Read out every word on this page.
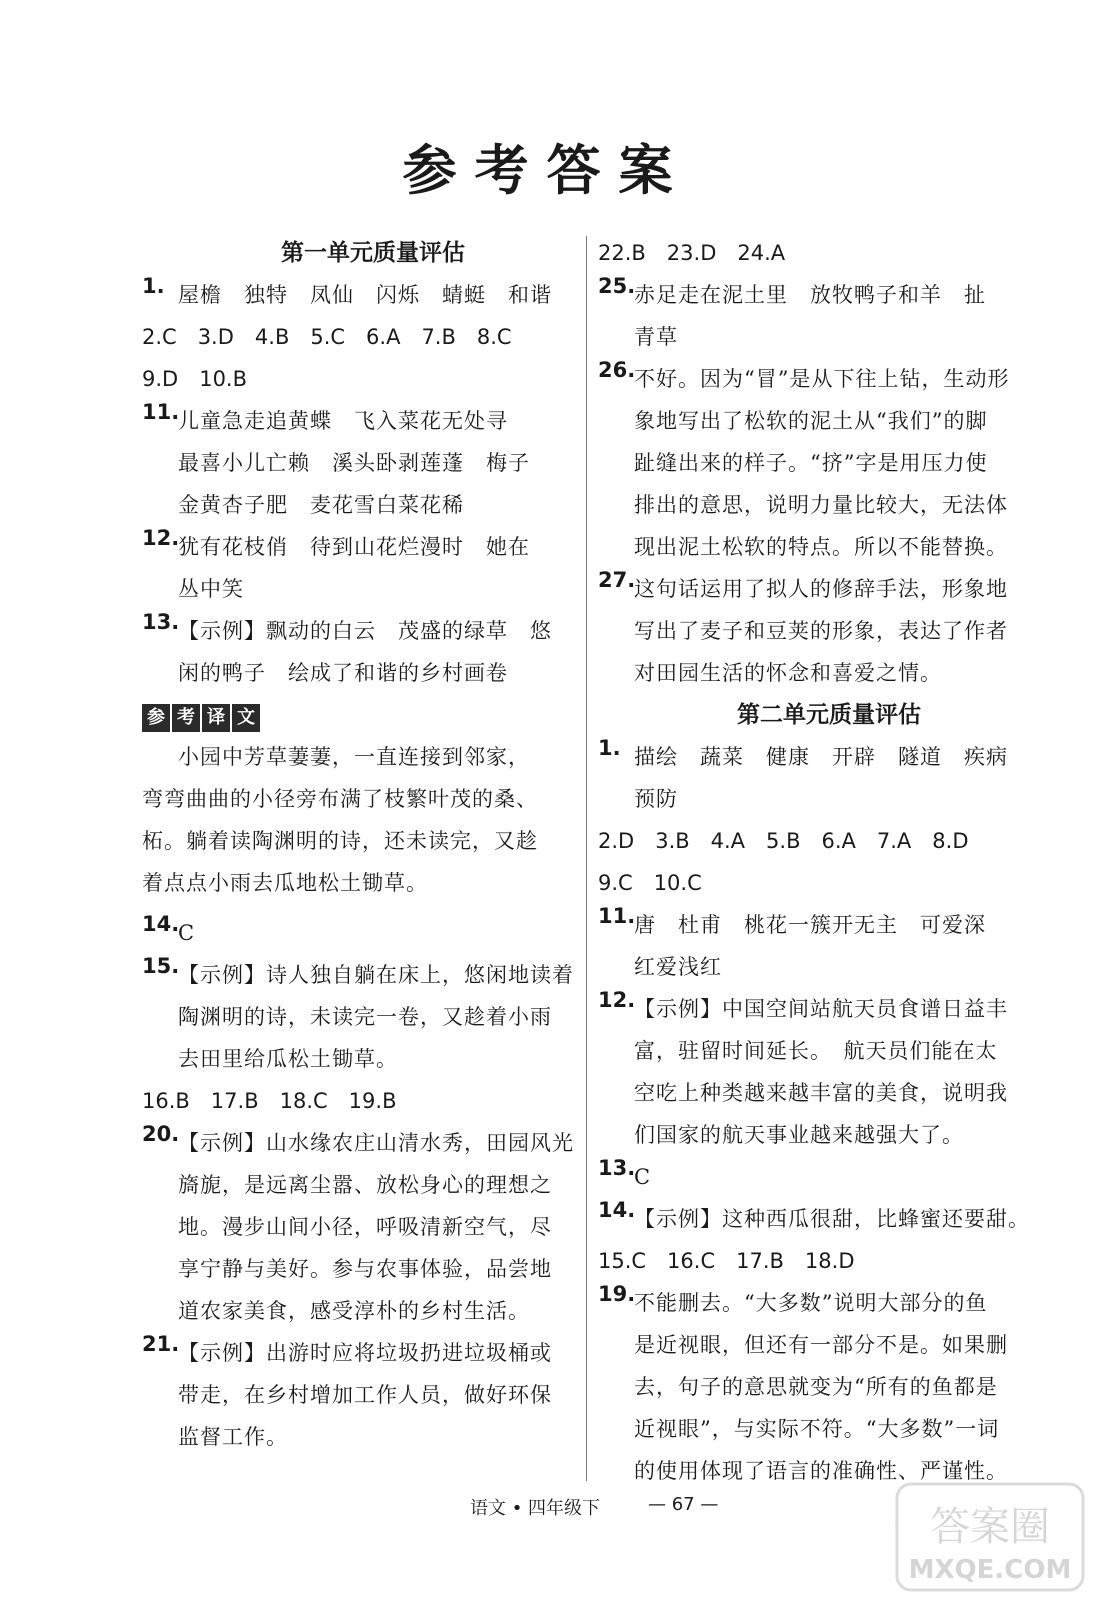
参考答案
第一单元质量评估
1. 屋檐　独特　凤仙　闪烁　蜻蜓　和谐
2.C　3.D　4.B　5.C　6.A　7.B　8.C
9.D　10.B
11.
儿童急走追黄蝶　飞入菜花无处寻
最喜小儿亡赖　溪头卧剥莲蓬　梅子
金黄杏子肥　麦花雪白菜花稀
12.
犹有花枝俏　待到山花烂漫时　她在
丛中笑
13.
【示例】飘动的白云　茂盛的绿草　悠
闲的鸭子　绘成了和谐的乡村画卷
参 考 译 文
小园中芳草萋萋，一直连接到邻家，
弯弯曲曲的小径旁布满了枝繁叶茂的桑、
柘。躺着读陶渊明的诗，还未读完，又趁
着点点小雨去瓜地松土锄草。
14.
C
15.
【示例】诗人独自躺在床上，悠闲地读着
陶渊明的诗，未读完一卷，又趁着小雨
去田里给瓜松土锄草。
16.B　17.B　18.C　19.B
20.
【示例】山水缘农庄山清水秀，田园风光
旖旎，是远离尘嚣、放松身心的理想之
地。漫步山间小径，呼吸清新空气，尽
享宁静与美好。参与农事体验，品尝地
道农家美食，感受淳朴的乡村生活。
21.
【示例】出游时应将垃圾扔进垃圾桶或
带走，在乡村增加工作人员，做好环保
监督工作。
22.B　23.D　24.A
25.
赤足走在泥土里　放牧鸭子和羊　扯
青草
26.
不好。因为“冒”是从下往上钻，生动形
象地写出了松软的泥土从“我们”的脚
趾缝出来的样子。“挤”字是用压力使
排出的意思，说明力量比较大，无法体
现出泥土松软的特点。所以不能替换。
27.
这句话运用了拟人的修辞手法，形象地
写出了麦子和豆荚的形象，表达了作者
对田园生活的怀念和喜爱之情。
第二单元质量评估
1. 描绘　蔬菜　健康　开辟　隧道　疾病
预防
2.D　3.B　4.A　5.B　6.A　7.A　8.D
9.C　10.C
11.
唐　杜甫　桃花一簇开无主　可爱深
红爱浅红
12.
【示例】中国空间站航天员食谱日益丰
富，驻留时间延长。　航天员们能在太
空吃上种类越来越丰富的美食，说明我
们国家的航天事业越来越强大了。
13.
C
14.
【示例】这种西瓜很甜，比蜂蜜还要甜。
15.C　16.C　17.B　18.D
19.
不能删去。“大多数”说明大部分的鱼
是近视眼，但还有一部分不是。如果删
去，句子的意思就变为“所有的鱼都是
近视眼”，与实际不符。“大多数”一词
的使用体现了语言的准确性、严谨性。
语文 • 四年级下	— 67 —	答案圈
MXQE.COM
